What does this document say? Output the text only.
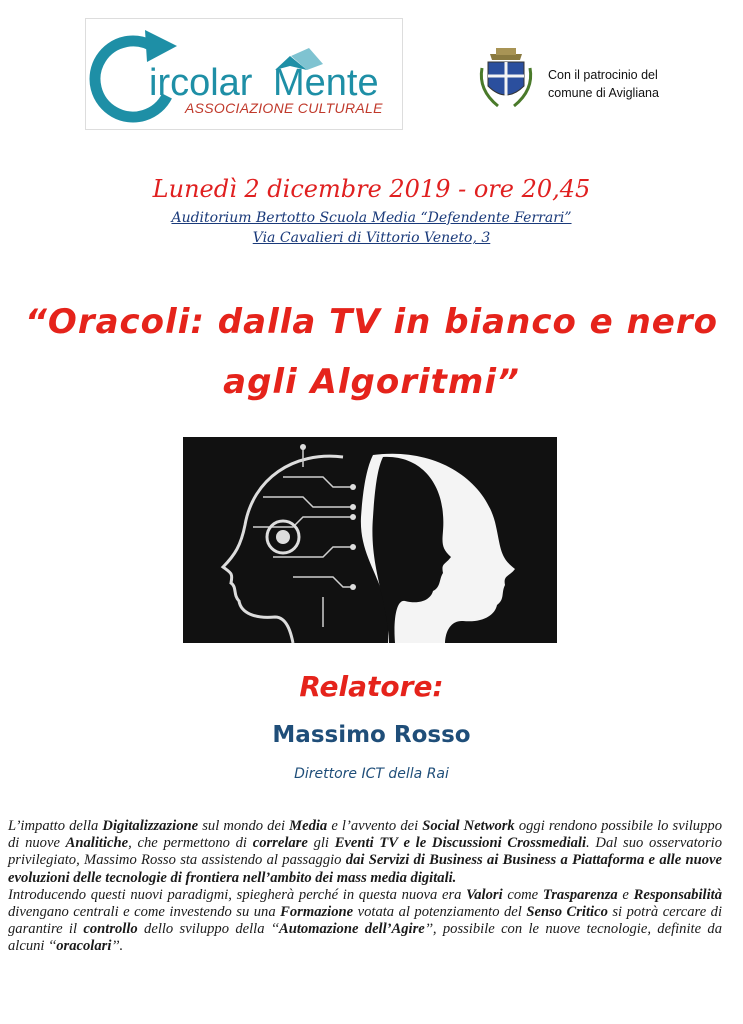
ircolar Mente
ASSOCIAZIONE CULTURALE
Con il patrocinio del
comune di Avigliana
Lunedì 2 dicembre 2019 - ore 20,45
Auditorium Bertotto Scuola Media “Defendente Ferrari”
Via Cavalieri di Vittorio Veneto, 3
“Oracoli: dalla TV in bianco e nero
agli Algoritmi”
Relatore:
Massimo Rosso
Direttore ICT della Rai

L’impatto della Digitalizzazione sul mondo dei Media e l’avvento dei Social Network oggi rendono possibile lo sviluppo di nuove Analitiche, che permettono di correlare gli Eventi TV e le Discussioni Crossmediali. Dal suo osservatorio privilegiato, Massimo Rosso sta assistendo al passaggio dai Servizi di Business ai Business a Piattaforma e alle nuove evoluzioni delle tecnologie di frontiera nell’ambito dei mass media digitali.

Introducendo questi nuovi paradigmi, spiegherà perché in questa nuova era Valori come Trasparenza e Responsabilità divengano centrali e come investendo su una Formazione votata al potenziamento del Senso Critico si potrà cercare di garantire il controllo dello sviluppo della ‘‘Automazione dell’Agire’’, possibile con le nuove tecnologie, definite da alcuni ‘‘oracolari’’.
